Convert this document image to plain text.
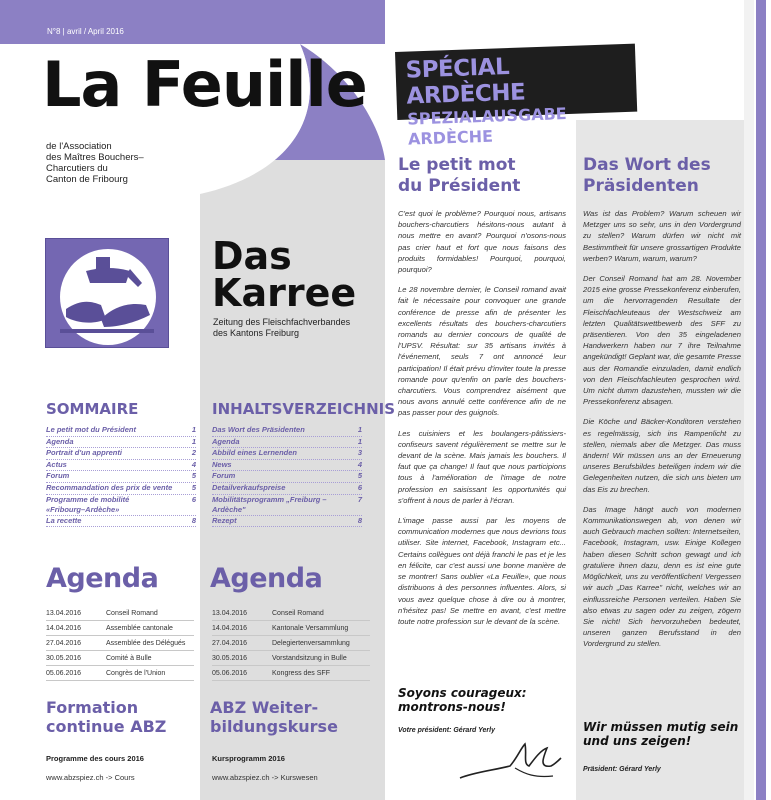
N°8 | avril / April 2016
La Feuille
de l'Association
des Maîtres Bouchers–
Charcutiers du
Canton de Fribourg
Das
Karree
Zeitung des Fleischfachverbandes
des Kantons Freiburg
SOMMAIRE
Le petit mot du Président	1
Agenda	1
Portrait d'un apprenti	2
Actus	4
Forum	5
Recommandation des prix de vente	5
Programme de mobilité «Fribourg–Ardèche»
6
La recette	8
INHALTSVERZEICHNIS
Das Wort des Präsidenten	1
Agenda	1
Abbild eines Lernenden	3
News	4
Forum	5
Detailverkaufspreise	6
Mobilitätsprogramm „Freiburg – Ardèche"
7
Rezept	8
Agenda
13.04.2016	Conseil Romand
14.04.2016	Assemblée cantonale
27.04.2016	Assemblée des Délégués
30.05.2016	Comité à Bulle
05.06.2016	Congrès de l'Union
Agenda
13.04.2016	Conseil Romand
14.04.2016	Kantonale Versammlung
27.04.2016	Delegiertenversammlung
30.05.2016	Vorstandsitzung in Bulle
05.06.2016	Kongress des SFF
Formation
continue ABZ
Programme des cours 2016
www.abzspiez.ch -> Cours
ABZ Weiter-
bildungskurse
Kursprogramm 2016
www.abzspiez.ch -> Kurswesen
SPÉCIAL ARDÈCHE
SPEZIALAUSGABE ARDÈCHE
Le petit mot
du Président

C'est quoi le problème? Pourquoi nous, artisans bouchers-charcutiers hésitons-nous autant à nous mettre en avant? Pourquoi n'osons-nous pas crier haut et fort que nous faisons des produits formidables! Pourquoi, pourquoi, pourquoi?

Le 28 novembre dernier, le Conseil romand avait fait le nécessaire pour convoquer une grande conférence de presse afin de présenter les excellents résultats des bouchers-charcutiers romands au dernier concours de qualité de l'UPSV. Résultat: sur 35 artisans invités à l'événement, seuls 7 ont annoncé leur participation! Il était prévu d'inviter toute la presse romande pour qu'enfin on parle des bouchers-charcutiers. Vous comprendrez aisément que nous avons annulé cette conférence afin de ne pas passer pour des guignols.

Les cuisiniers et les boulangers-pâtissiers-confiseurs savent régulièrement se mettre sur le devant de la scène. Mais jamais les bouchers. Il faut que ça change! Il faut que nous participions tous à l'amélioration de l'image de notre profession en saisissant les opportunités qui s'offrent à nous de parler à l'écran.

L'image passe aussi par les moyens de communication modernes que nous devrions tous utiliser. Site internet, Facebook, Instagram etc... Certains collègues ont déjà franchi le pas et je les en félicite, car c'est aussi une bonne manière de se montrer! Sans oublier «La Feuille», que nous distribuons à des personnes influentes. Alors, si vous avez quelque chose à dire ou à montrer, n'hésitez pas! Se mettre en avant, c'est mettre toute notre profession sur le devant de la scène.

Soyons courageux:
montrons-nous!
Votre président: Gérard Yerly
Das Wort des
Präsidenten

Was ist das Problem? Warum scheuen wir Metzger uns so sehr, uns in den Vordergrund zu stellen? Warum dürfen wir nicht mit Bestimmtheit für unsere grossartigen Produkte werben? Warum, warum, warum?

Der Conseil Romand hat am 28. November 2015 eine grosse Pressekonferenz einberufen, um die hervorragenden Resultate der Fleischfachleuteaus der Westschweiz am letzten Qualitätswettbewerb des SFF zu präsentieren. Von den 35 eingeladenen Handwerkern haben nur 7 ihre Teilnahme angekündigt! Geplant war, die gesamte Presse aus der Romandie einzuladen, damit endlich von den Fleischfachleuten gesprochen wird. Um nicht dumm dazustehen, mussten wir die Pressekonferenz absagen.

Die Köche und Bäcker-Konditoren verstehen es regelmässig, sich ins Rampenlicht zu stellen, niemals aber die Metzger. Das muss ändern! Wir müssen uns an der Erneuerung unseres Berufsbildes beteiligen indem wir die Gelegenheiten nutzen, die sich uns bieten um das Eis zu brechen.

Das Image hängt auch von modernen Kommunikationswegen ab, von denen wir auch Gebrauch machen sollten: Internetseiten, Facebook, Instagram, usw. Einige Kollegen haben diesen Schritt schon gewagt und ich gratuliere ihnen dazu, denn es ist eine gute Möglichkeit, uns zu veröffentlichen! Vergessen wir auch „Das Karree" nicht, welches wir an einflussreiche Personen verteilen. Haben Sie also etwas zu sagen oder zu zeigen, zögern Sie nicht! Sich hervorzuheben bedeutet, unseren ganzen Berufsstand in den Vordergrund zu stellen.

Wir müssen mutig sein
und uns zeigen!
Präsident: Gérard Yerly
